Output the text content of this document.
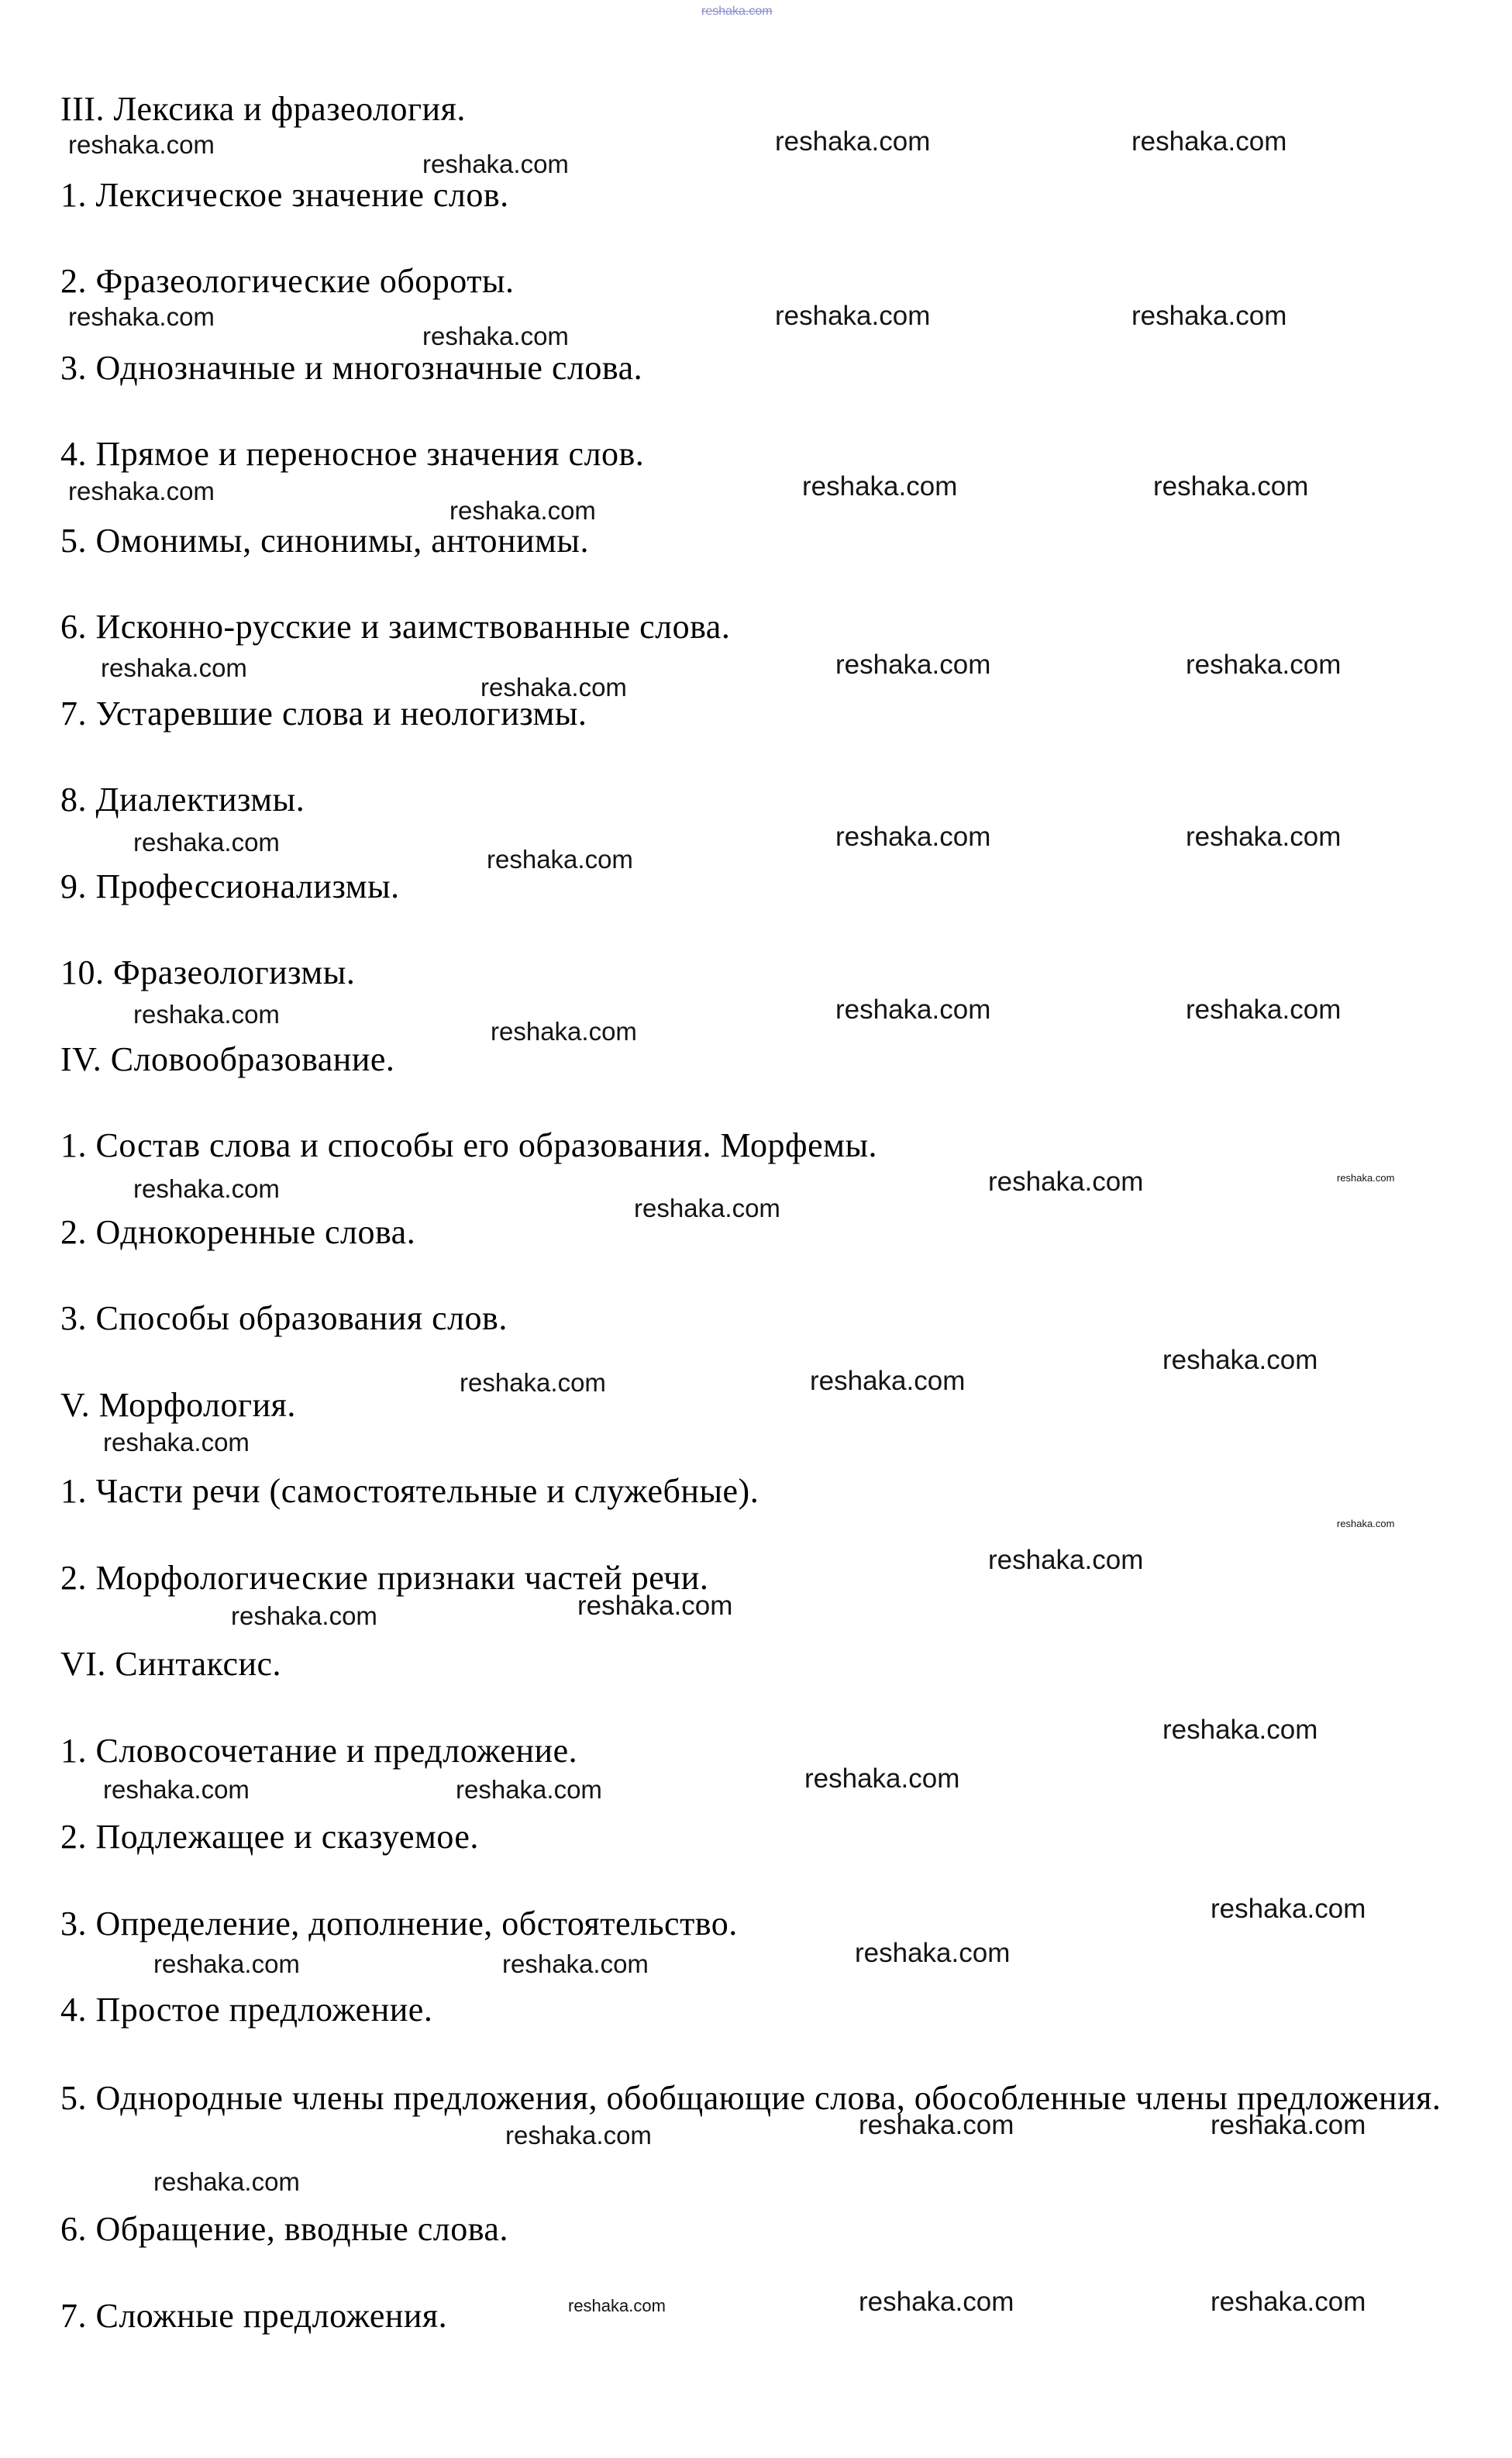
III. Лексика и фразеология.
1. Лексическое значение слов.
2. Фразеологические обороты.
3. Однозначные и многозначные слова.
4. Прямое и переносное значения слов.
5. Омонимы, синонимы, антонимы.
6. Исконно-русские и заимствованные слова.
7. Устаревшие слова и неологизмы.
8. Диалектизмы.
9. Профессионализмы.
10. Фразеологизмы.
IV. Словообразование.
1. Состав слова и способы его образования. Морфемы.
2. Однокоренные слова.
3. Способы образования слов.
V. Морфология.
1. Части речи (самостоятельные и служебные).
2. Морфологические признаки частей речи.
VI. Синтаксис.
1. Словосочетание и предложение.
2. Подлежащее и сказуемое.
3. Определение, дополнение, обстоятельство.
4. Простое предложение.
5. Однородные члены предложения, обобщающие слова, обособленные члены предложения.
6. Обращение, вводные слова.
7. Сложные предложения.
reshaka.com
reshaka.com
reshaka.com
reshaka.com	reshaka.com
reshaka.com
reshaka.com
reshaka.com	reshaka.com
reshaka.com
reshaka.com
reshaka.com	reshaka.com
reshaka.com
reshaka.com
reshaka.com	reshaka.com
reshaka.com
reshaka.com
reshaka.com	reshaka.com
reshaka.com
reshaka.com
reshaka.com	reshaka.com
reshaka.com
reshaka.com
reshaka.com	reshaka.com
reshaka.com
reshaka.com	reshaka.com
reshaka.com
reshaka.com
reshaka.com
reshaka.com	reshaka.com
reshaka.com
reshaka.com	reshaka.com	reshaka.com
reshaka.com
reshaka.com	reshaka.com	reshaka.com
reshaka.com	reshaka.com	reshaka.com
reshaka.com
reshaka.com	reshaka.com	reshaka.com
